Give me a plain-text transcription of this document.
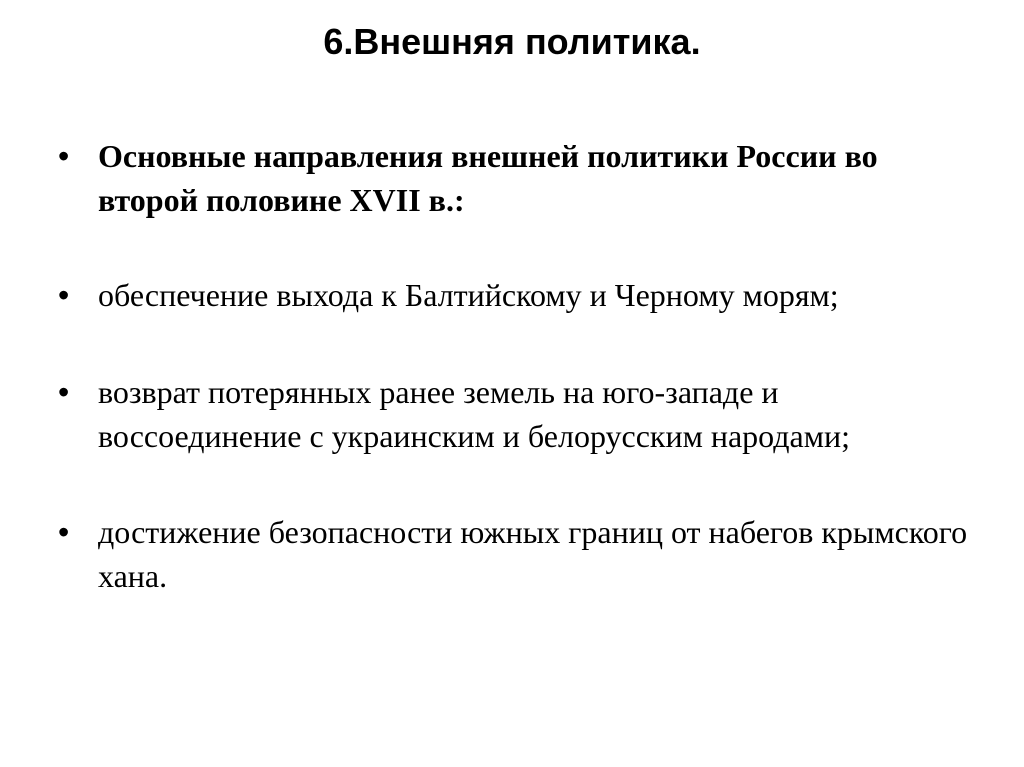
6.Внешняя политика.
• Основные направления внешней политики России во второй половине XVII в.:
• обеспечение выхода к Балтийскому и Черному морям;
• возврат потерянных ранее земель на юго-западе и воссоединение с украинским и белорусским народами;
• достижение безопасности южных границ от набегов крымского хана.
